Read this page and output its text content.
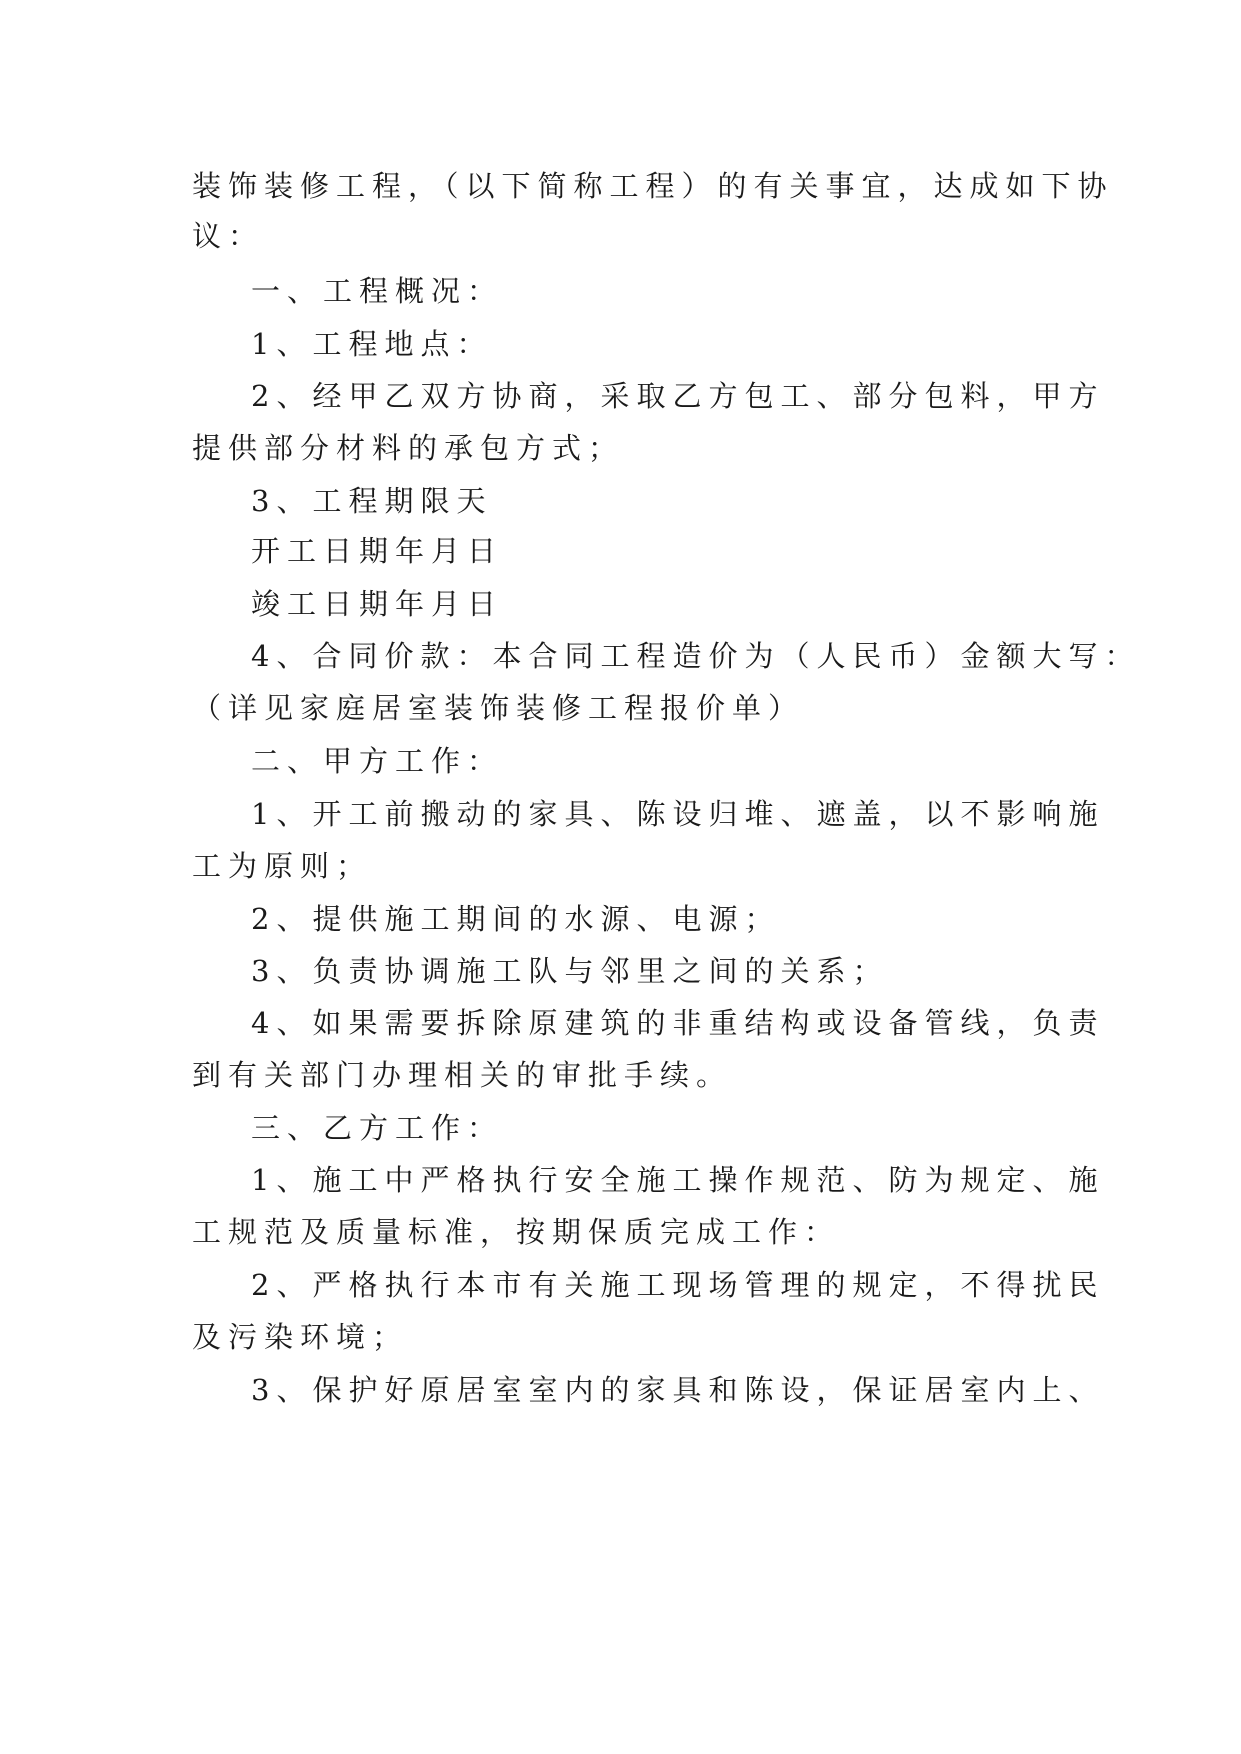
装饰装修工程，（以下简称工程）的有关事宜，达成如下协
议：
一、工程概况：
1、工程地点：
2、经甲乙双方协商，采取乙方包工、部分包料，甲方
提供部分材料的承包方式；
3、工程期限天
开工日期年月日
竣工日期年月日
4、合同价款：本合同工程造价为（人民币）金额大写：
（详见家庭居室装饰装修工程报价单）
二、甲方工作：
1、开工前搬动的家具、陈设归堆、遮盖，以不影响施
工为原则；
2、提供施工期间的水源、电源；
3、负责协调施工队与邻里之间的关系；
4、如果需要拆除原建筑的非重结构或设备管线，负责
到有关部门办理相关的审批手续。
三、乙方工作：
1、施工中严格执行安全施工操作规范、防为规定、施
工规范及质量标准，按期保质完成工作：
2、严格执行本市有关施工现场管理的规定，不得扰民
及污染环境；
3、保护好原居室室内的家具和陈设，保证居室内上、
